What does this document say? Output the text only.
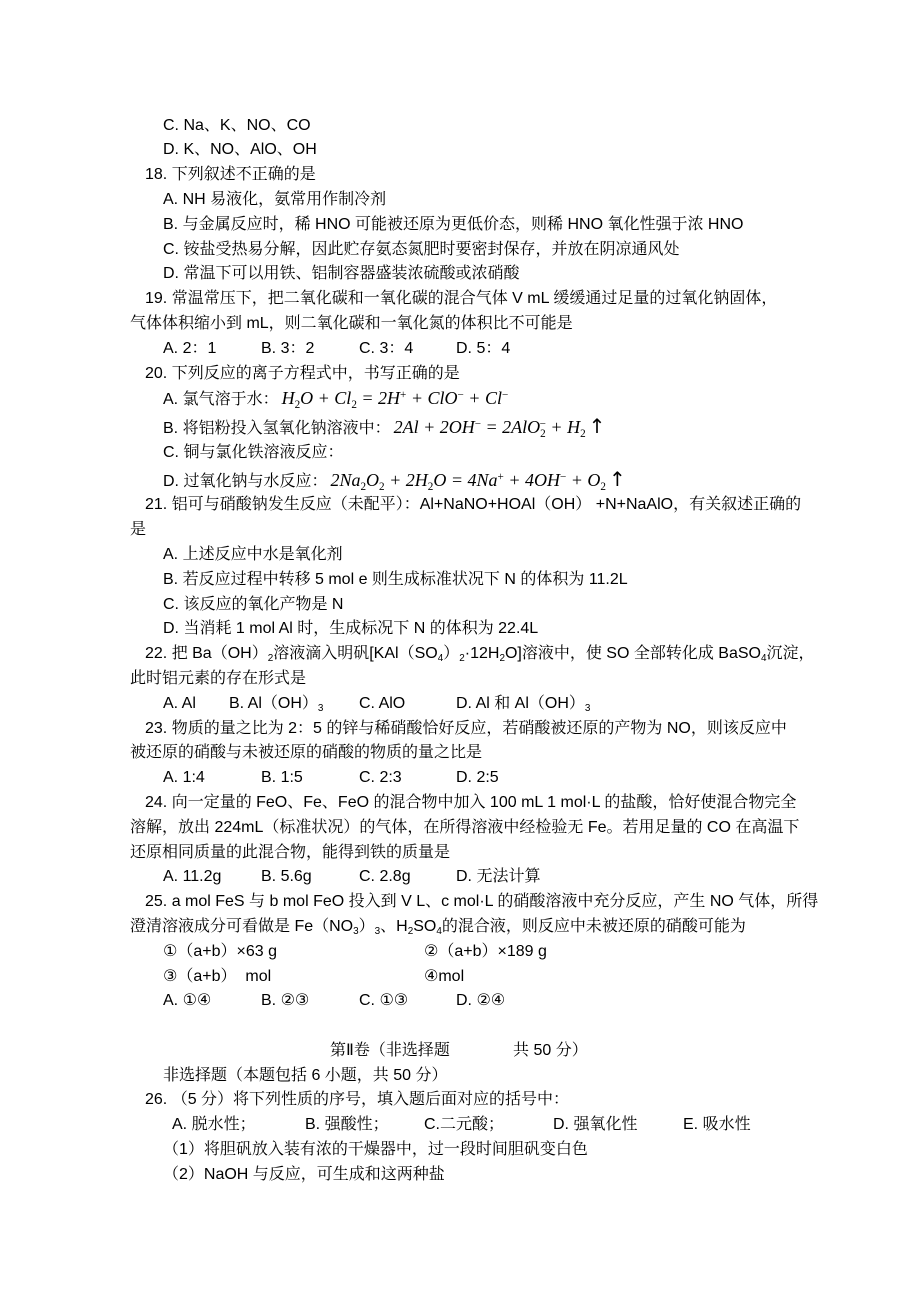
C. Na、K、NO、CO
D. K、NO、AlO、OH
18. 下列叙述不正确的是
A. NH 易液化，氨常用作制冷剂
B. 与金属反应时，稀 HNO 可能被还原为更低价态，则稀 HNO 氧化性强于浓 HNO
C. 铵盐受热易分解，因此贮存氨态氮肥时要密封保存，并放在阴凉通风处
D. 常温下可以用铁、铝制容器盛装浓硫酸或浓硝酸
19. 常温常压下，把二氧化碳和一氧化碳的混合气体 V mL 缓缓通过足量的过氧化钠固体，
气体体积缩小到 mL，则二氧化碳和一氧化氮的体积比不可能是
A. 2：1	B. 3：2	C. 3：4	D. 5：4
20. 下列反应的离子方程式中，书写正确的是
A. 氯气溶于水： $H_2O + Cl_2 = 2H^+ + ClO^- + Cl^-$
B. 将铝粉投入氢氧化钠溶液中： $2Al + 2OH^- = 2AlO_2^- + H_2$ ↑
C. 铜与氯化铁溶液反应：
D. 过氧化钠与水反应： $2Na_2O_2 + 2H_2O = 4Na^+ + 4OH^- + O_2$ ↑
21. 铝可与硝酸钠发生反应（未配平）：Al+NaNO+HOAl（OH） +N+NaAlO，有关叙述正确的
是
A. 上述反应中水是氧化剂
B. 若反应过程中转移 5 mol e 则生成标准状况下 N 的体积为 11.2L
C. 该反应的氧化产物是 N
D. 当消耗 1 mol Al 时，生成标况下 N 的体积为 22.4L
22. 把 $Ba(OH)_2$溶液滴入明矾$[KAl(SO_4)_2\cdot 12H_2O]$溶液中，使 SO 全部转化成 BaSO$_4$沉淀，
此时铝元素的存在形式是
A. Al B. $Al(OH)_3$ C. AlO	D. Al 和 $Al(OH)_3$
23. 物质的量之比为 2：5 的锌与稀硝酸恰好反应，若硝酸被还原的产物为 NO，则该反应中
被还原的硝酸与未被还原的硝酸的物质的量之比是
A. 1:4	B. 1:5	C. 2:3	D. 2:5
24. 向一定量的 FeO、Fe、FeO 的混合物中加入 100 mL 1 mol·L 的盐酸，恰好使混合物完全
溶解，放出 224mL（标准状况）的气体，在所得溶液中经检验无 Fe。若用足量的 CO 在高温下
还原相同质量的此混合物，能得到铁的质量是
A. 11.2g B. 5.6g	C. 2.8g	D. 无法计算
25. a mol FeS 与 b mol FeO 投入到 V L、c mol·L 的硝酸溶液中充分反应，产生 NO 气体，所得
澄清溶液成分可看做是 $Fe(NO_3)_3$、$H_2SO_4$的混合液，则反应中未被还原的硝酸可能为
①（a+b）×63 g	②（a+b）×189 g
③（a+b）  mol	④mol
A. ①④	B. ②③	C. ①③	D. ②④
第Ⅱ卷（非选择题	共 50 分）
非选择题（本题包括 6 小题，共 50 分）
26. （5 分）将下列性质的序号，填入题后面对应的括号中：
A. 脱水性；	B. 强酸性； C.二元酸；	D. 强氧化性	E. 吸水性
（1）将胆矾放入装有浓的干燥器中，过一段时间胆矾变白色
（2）NaOH 与反应，可生成和这两种盐
